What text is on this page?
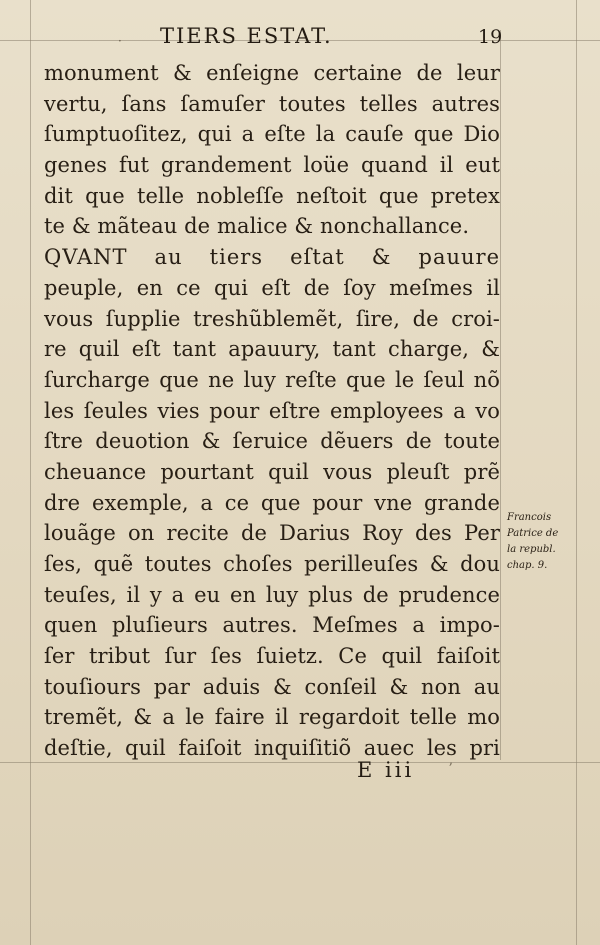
· TIERS ESTAT.	19
monument & enſeigne certaine de leur
vertu, ſans ſamuſer toutes telles autres
ſumptuoſitez, qui a eſte la cauſe que Dio
genes fut grandement loüe quand il eut
dit que telle nobleſſe neſtoit que pretex
te & mãteau de malice & nonchallance.
QVANT au tiers eſtat & pauure
peuple, en ce qui eſt de ſoy meſmes il
vous ſupplie treshũblemẽt, ſire, de croi-
re quil eſt tant apauury, tant charge, &
ſurcharge que ne luy reſte que le ſeul nõ
les ſeules vies pour eſtre employees a vo
ſtre deuotion & ſeruice dẽuers de toute
cheuance pourtant quil vous pleuſt prẽ
dre exemple, a ce que pour vne grande
louãge on recite de Darius Roy des Per
ſes, quẽ toutes choſes perilleuſes & dou
teuſes, il y a eu en luy plus de prudence
quen pluſieurs autres. Meſmes a impo-
ſer tribut ſur ſes ſuietz. Ce quil faiſoit
touſiours par aduis & conſeil & non au
tremẽt, & a le faire il regardoit telle mo
deſtie, quil faiſoit inquiſitiõ auec les pri
Francois
Patrice de
la republ.
chap. 9.
E iii ʼ
